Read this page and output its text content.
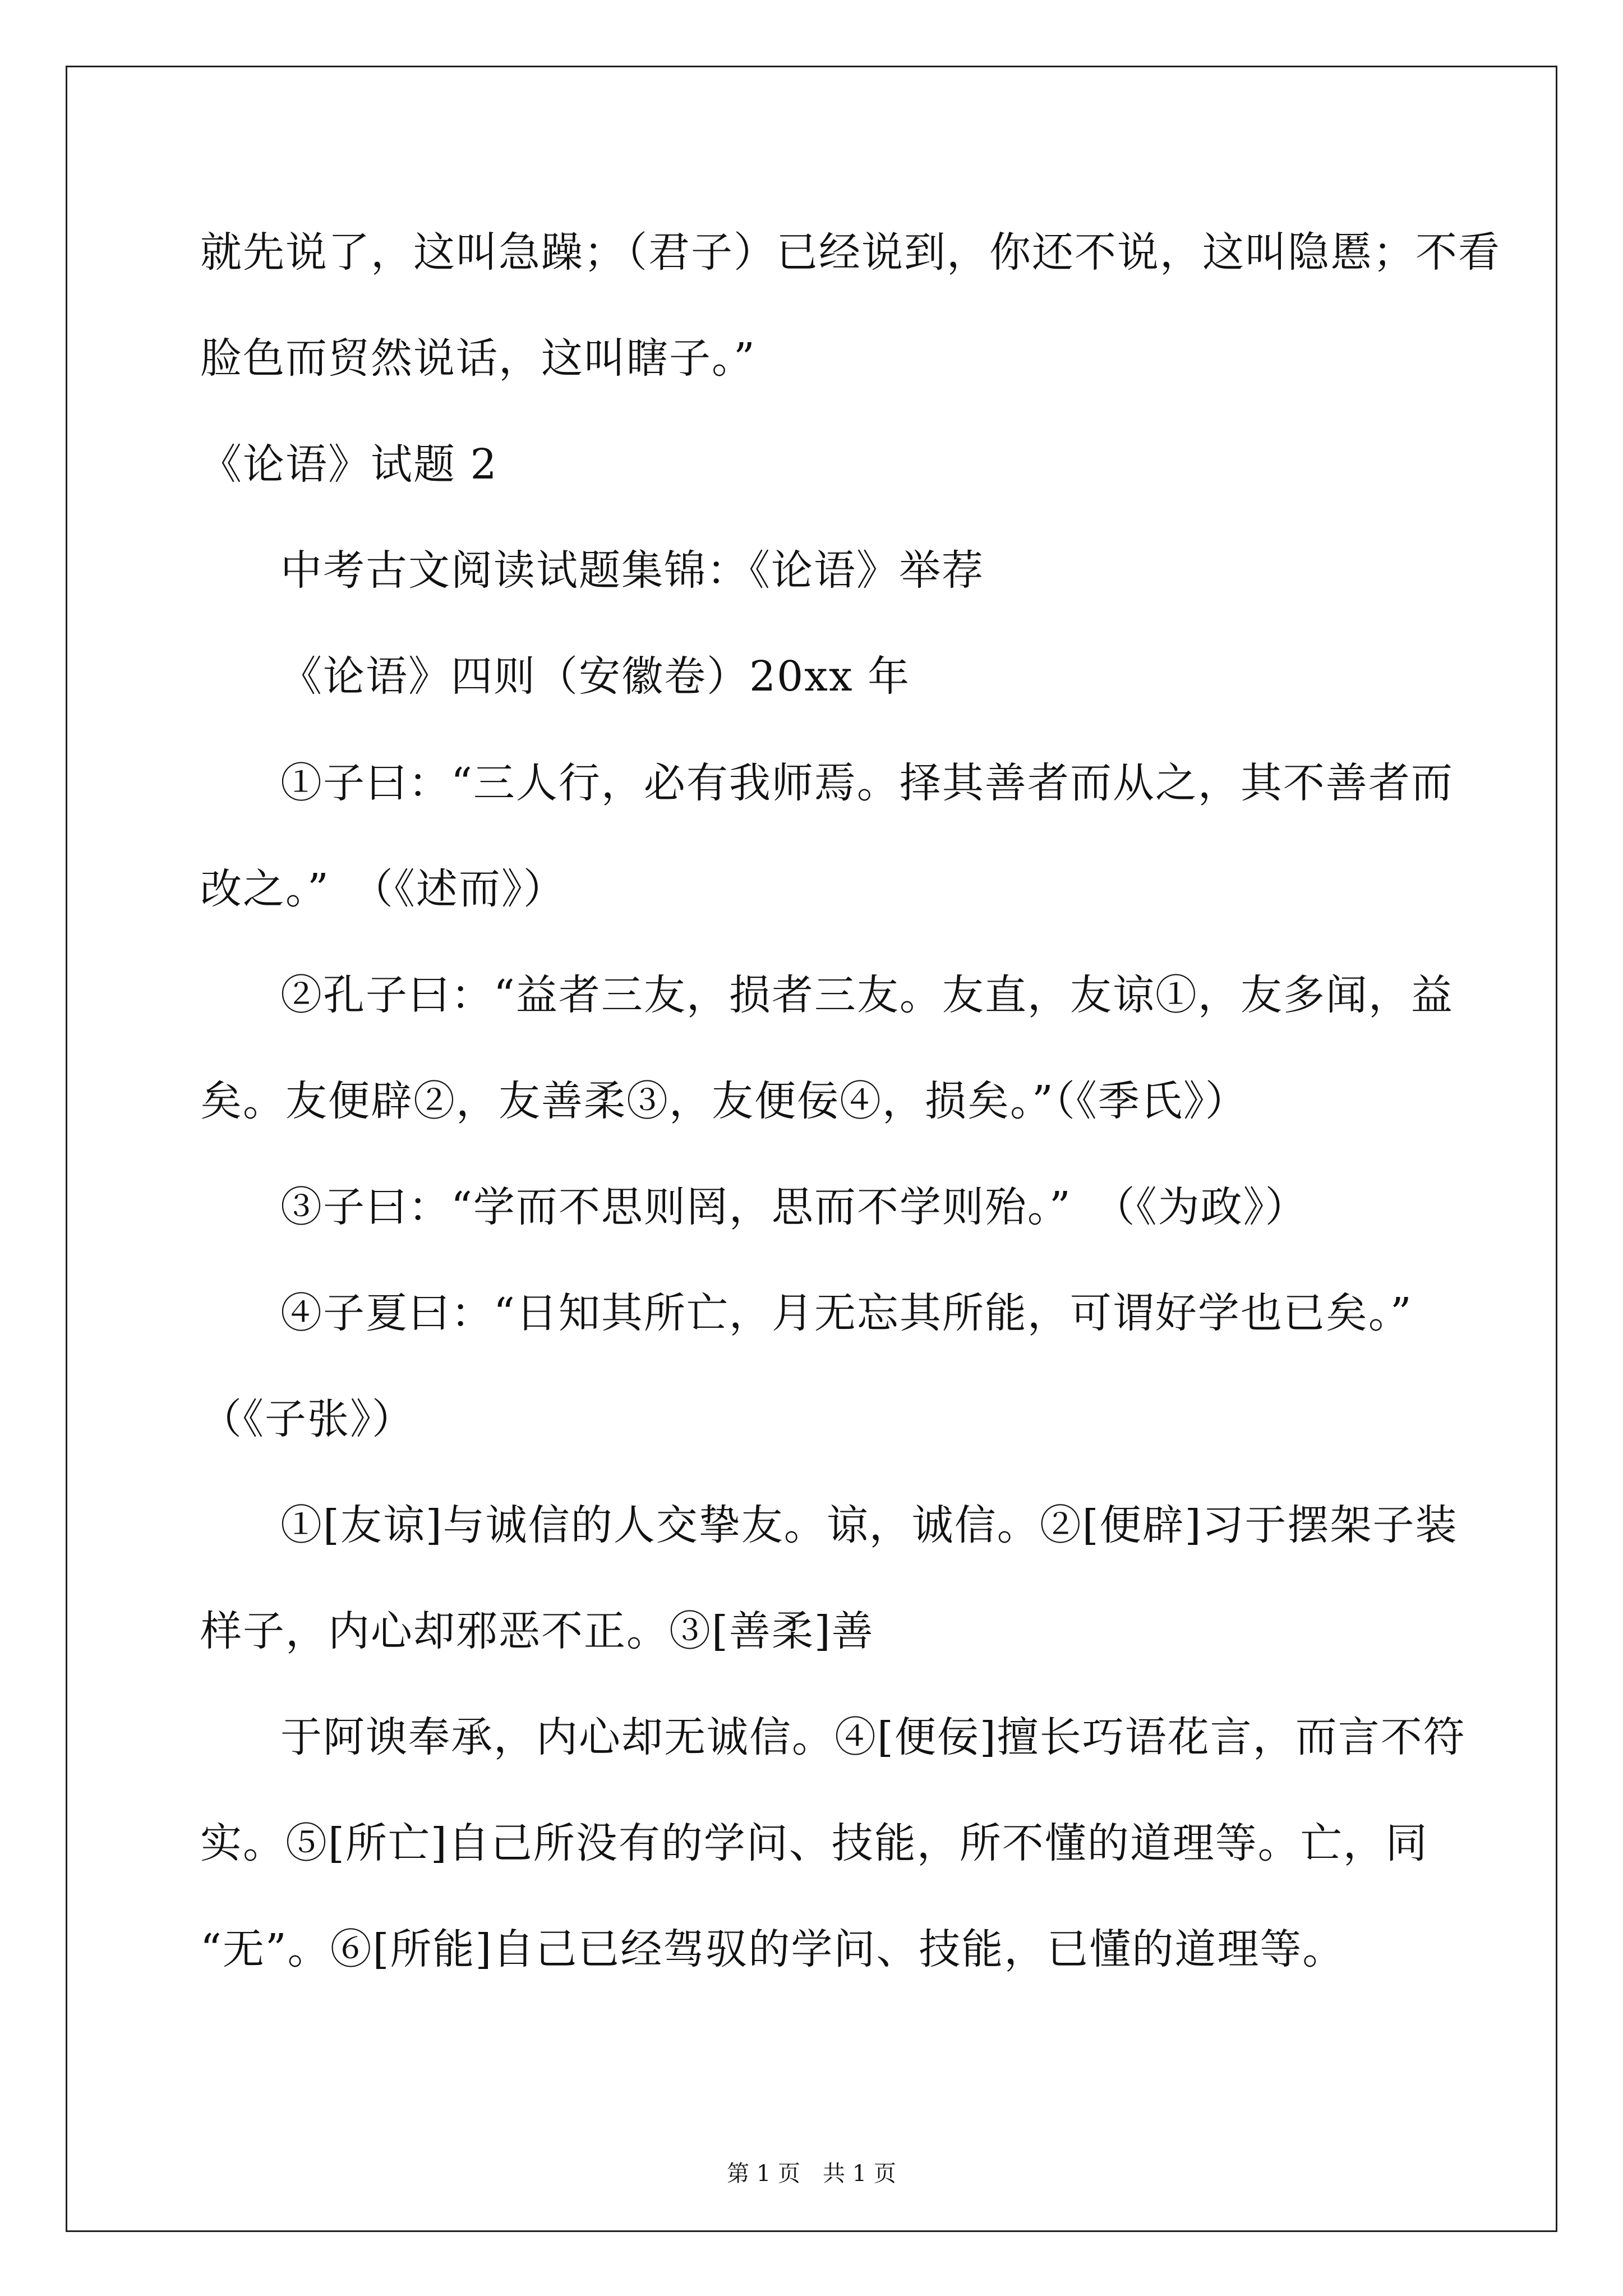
就先说了，这叫急躁；（君子）已经说到，你还不说，这叫隐慝；不看
脸色而贸然说话，这叫瞎子。”
《论语》试题 2
中考古文阅读试题集锦：《论语》举荐
《论语》四则（安徽卷）20xx 年
①子曰：“三人行，必有我师焉。择其善者而从之，其不善者而
改之。”　（《述而》）
②孔子曰：“益者三友，损者三友。友直，友谅①，友多闻，益
矣。友便辟②，友善柔③，友便佞④，损矣。”（《季氏》）
③子曰：“学而不思则罔，思而不学则殆。”　（《为政》）
④子夏曰：“日知其所亡，月无忘其所能，可谓好学也已矣。”
（《子张》）
①[友谅]与诚信的人交挚友。谅，诚信。②[便辟]习于摆架子装
样子，内心却邪恶不正。③[善柔]善
于阿谀奉承，内心却无诚信。④[便佞]擅长巧语花言，而言不符
实。⑤[所亡]自己所没有的学问、技能，所不懂的道理等。亡，同
“无”。⑥[所能]自己已经驾驭的学问、技能，已懂的道理等。
第 1 页　共 1 页
